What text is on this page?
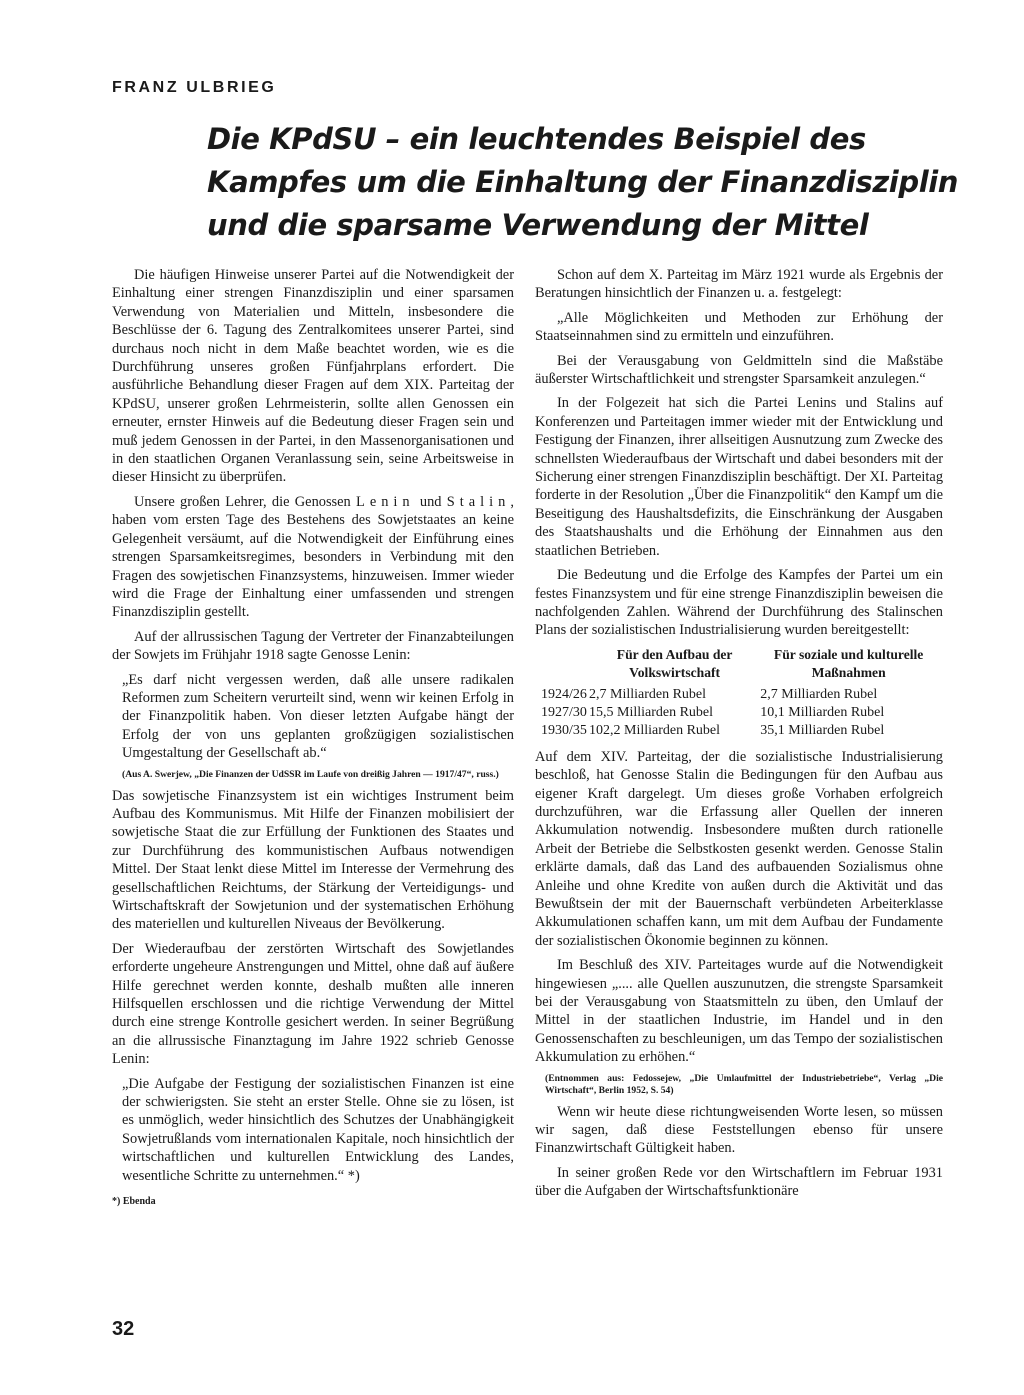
FRANZ ULBRIEG
Die KPdSU – ein leuchtendes Beispiel des Kampfes um die Einhaltung der Finanzdisziplin und die sparsame Verwendung der Mittel

Die häufigen Hinweise unserer Partei auf die Notwendigkeit der Einhaltung einer strengen Finanzdisziplin und einer sparsamen Verwendung von Materialien und Mitteln, insbesondere die Beschlüsse der 6. Tagung des Zentralkomitees unserer Partei, sind durchaus noch nicht in dem Maße beachtet worden, wie es die Durchführung unseres großen Fünfjahrplans erfordert. Die ausführliche Behandlung dieser Fragen auf dem XIX. Parteitag der KPdSU, unserer großen Lehrmeisterin, sollte allen Genossen ein erneuter, ernster Hinweis auf die Bedeutung dieser Fragen sein und muß jedem Genossen in der Partei, in den Massenorganisationen und in den staatlichen Organen Veranlassung sein, seine Arbeitsweise in dieser Hinsicht zu überprüfen.

Unsere großen Lehrer, die Genossen Lenin und Stalin, haben vom ersten Tage des Bestehens des Sowjetstaates an keine Gelegenheit versäumt, auf die Notwendigkeit der Einführung eines strengen Sparsamkeitsregimes, besonders in Verbindung mit den Fragen des sowjetischen Finanzsystems, hinzuweisen. Immer wieder wird die Frage der Einhaltung einer umfassenden und strengen Finanzdisziplin gestellt.

Auf der allrussischen Tagung der Vertreter der Finanzabteilungen der Sowjets im Frühjahr 1918 sagte Genosse Lenin:

„Es darf nicht vergessen werden, daß alle unsere radikalen Reformen zum Scheitern verurteilt sind, wenn wir keinen Erfolg in der Finanzpolitik haben. Von dieser letzten Aufgabe hängt der Erfolg der von uns geplanten großzügigen sozialistischen Umgestaltung der Gesellschaft ab.“

(Aus A. Swerjew, „Die Finanzen der UdSSR im Laufe von dreißig Jahren — 1917/47“, russ.)

Das sowjetische Finanzsystem ist ein wichtiges Instrument beim Aufbau des Kommunismus. Mit Hilfe der Finanzen mobilisiert der sowjetische Staat die zur Erfüllung der Funktionen des Staates und zur Durchführung des kommunistischen Aufbaus notwendigen Mittel. Der Staat lenkt diese Mittel im Interesse der Vermehrung des gesellschaftlichen Reichtums, der Stärkung der Verteidigungs- und Wirtschaftskraft der Sowjetunion und der systematischen Erhöhung des materiellen und kulturellen Niveaus der Bevölkerung.

Der Wiederaufbau der zerstörten Wirtschaft des Sowjetlandes erforderte ungeheure Anstrengungen und Mittel, ohne daß auf äußere Hilfe gerechnet werden konnte, deshalb mußten alle inneren Hilfsquellen erschlossen und die richtige Verwendung der Mittel durch eine strenge Kontrolle gesichert werden. In seiner Begrüßung an die allrussische Finanztagung im Jahre 1922 schrieb Genosse Lenin:

„Die Aufgabe der Festigung der sozialistischen Finanzen ist eine der schwierigsten. Sie steht an erster Stelle. Ohne sie zu lösen, ist es unmöglich, weder hinsichtlich des Schutzes der Unabhängigkeit Sowjetrußlands vom internationalen Kapitale, noch hinsichtlich der wirtschaftlichen und kulturellen Entwicklung des Landes, wesentliche Schritte zu unternehmen.“ *)

*) Ebenda

Schon auf dem X. Parteitag im März 1921 wurde als Ergebnis der Beratungen hinsichtlich der Finanzen u. a. festgelegt:

„Alle Möglichkeiten und Methoden zur Erhöhung der Staatseinnahmen sind zu ermitteln und einzuführen.

Bei der Verausgabung von Geldmitteln sind die Maßstäbe äußerster Wirtschaftlichkeit und strengster Sparsamkeit anzulegen.“

In der Folgezeit hat sich die Partei Lenins und Stalins auf Konferenzen und Parteitagen immer wieder mit der Entwicklung und Festigung der Finanzen, ihrer allseitigen Ausnutzung zum Zwecke des schnellsten Wiederaufbaus der Wirtschaft und dabei besonders mit der Sicherung einer strengen Finanzdisziplin beschäftigt. Der XI. Parteitag forderte in der Resolution „Über die Finanzpolitik“ den Kampf um die Beseitigung des Haushaltsdefizits, die Einschränkung der Ausgaben des Staatshaushalts und die Erhöhung der Einnahmen aus den staatlichen Betrieben.

Die Bedeutung und die Erfolge des Kampfes der Partei um ein festes Finanzsystem und für eine strenge Finanzdisziplin beweisen die nachfolgenden Zahlen. Während der Durchführung des Stalinschen Plans der sozialistischen Industrialisierung wurden bereitgestellt:

	Für den Aufbau der Volkswirtschaft	Für soziale und kulturelle Maßnahmen
1924/26	2,7 Milliarden Rubel	2,7 Milliarden Rubel
1927/30	15,5 Milliarden Rubel	10,1 Milliarden Rubel
1930/35	102,2 Milliarden Rubel	35,1 Milliarden Rubel

Auf dem XIV. Parteitag, der die sozialistische Industrialisierung beschloß, hat Genosse Stalin die Bedingungen für den Aufbau aus eigener Kraft dargelegt. Um dieses große Vorhaben erfolgreich durchzuführen, war die Erfassung aller Quellen der inneren Akkumulation notwendig. Insbesondere mußten durch rationelle Arbeit der Betriebe die Selbstkosten gesenkt werden. Genosse Stalin erklärte damals, daß das Land des aufbauenden Sozialismus ohne Anleihe und ohne Kredite von außen durch die Aktivität und das Bewußtsein der mit der Bauernschaft verbündeten Arbeiterklasse Akkumulationen schaffen kann, um mit dem Aufbau der Fundamente der sozialistischen Ökonomie beginnen zu können.

Im Beschluß des XIV. Parteitages wurde auf die Notwendigkeit hingewiesen „.... alle Quellen auszunutzen, die strengste Sparsamkeit bei der Verausgabung von Staatsmitteln zu üben, den Umlauf der Mittel in der staatlichen Industrie, im Handel und in den Genossenschaften zu beschleunigen, um das Tempo der sozialistischen Akkumulation zu erhöhen.“

(Entnommen aus: Fedossejew, „Die Umlaufmittel der Industriebetriebe“, Verlag „Die Wirtschaft“, Berlin 1952, S. 54)

Wenn wir heute diese richtungweisenden Worte lesen, so müssen wir sagen, daß diese Feststellungen ebenso für unsere Finanzwirtschaft Gültigkeit haben.

In seiner großen Rede vor den Wirtschaftlern im Februar 1931 über die Aufgaben der Wirtschaftsfunktionäre

32
